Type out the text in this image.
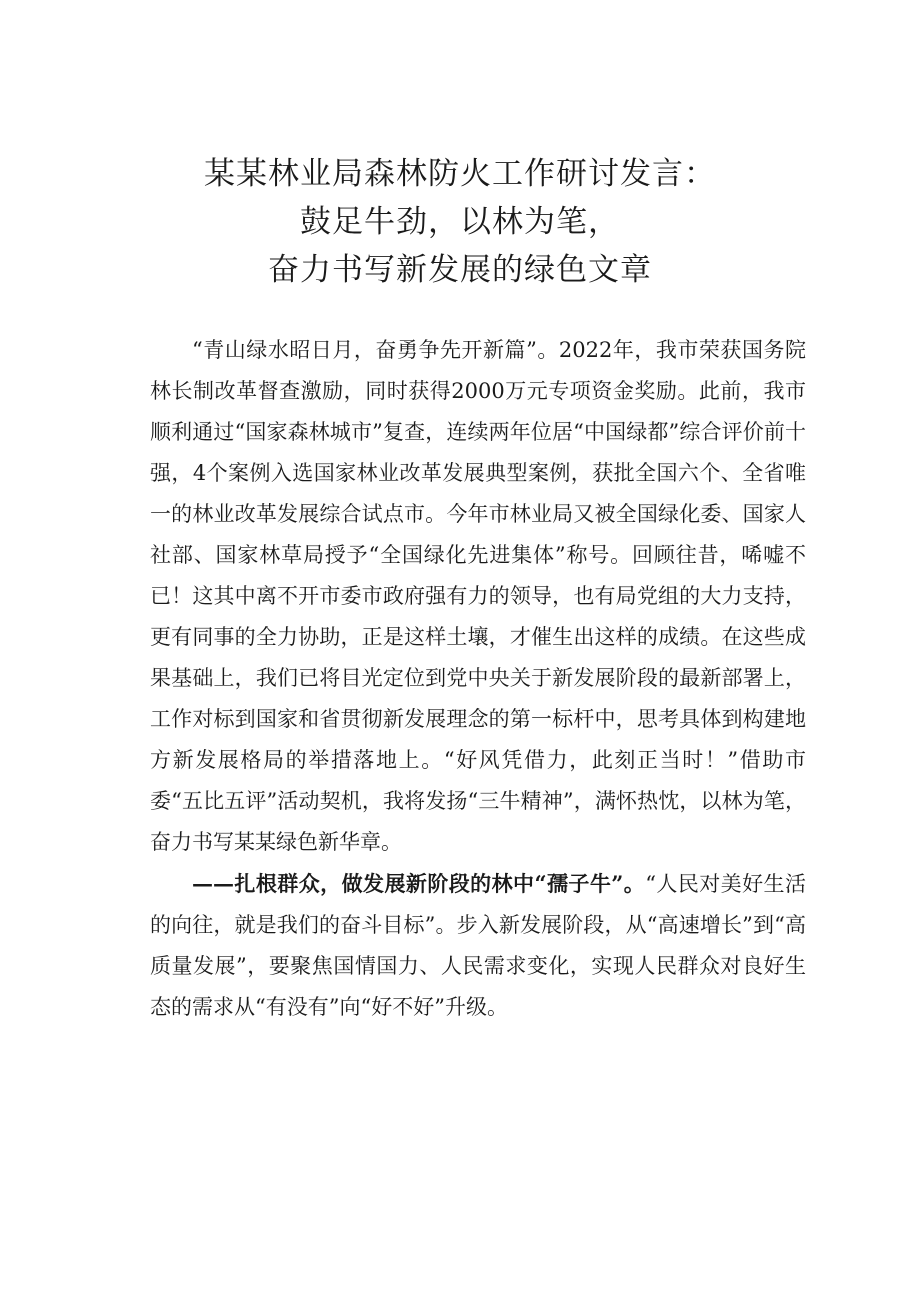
某某林业局森林防火工作研讨发言：
鼓足牛劲，以林为笔，
奋力书写新发展的绿色文章

“青山绿水昭日月，奋勇争先开新篇”。2022年，我市荣获国务院林长制改革督查激励，同时获得2000万元专项资金奖励。此前，我市顺利通过“国家森林城市”复查，连续两年位居“中国绿都”综合评价前十强，4个案例入选国家林业改革发展典型案例，获批全国六个、全省唯一的林业改革发展综合试点市。今年市林业局又被全国绿化委、国家人社部、国家林草局授予“全国绿化先进集体”称号。回顾往昔，唏嘘不已！这其中离不开市委市政府强有力的领导，也有局党组的大力支持，更有同事的全力协助，正是这样土壤，才催生出这样的成绩。在这些成果基础上，我们已将目光定位到党中央关于新发展阶段的最新部署上，工作对标到国家和省贯彻新发展理念的第一标杆中，思考具体到构建地方新发展格局的举措落地上。“好风凭借力，此刻正当时！”借助市委“五比五评”活动契机，我将发扬“三牛精神”，满怀热忱，以林为笔，奋力书写某某绿色新华章。

——扎根群众，做发展新阶段的林中“孺子牛”。“人民对美好生活的向往，就是我们的奋斗目标”。步入新发展阶段，从“高速增长”到“高质量发展”，要聚焦国情国力、人民需求变化，实现人民群众对良好生态的需求从“有没有”向“好不好”升级。
